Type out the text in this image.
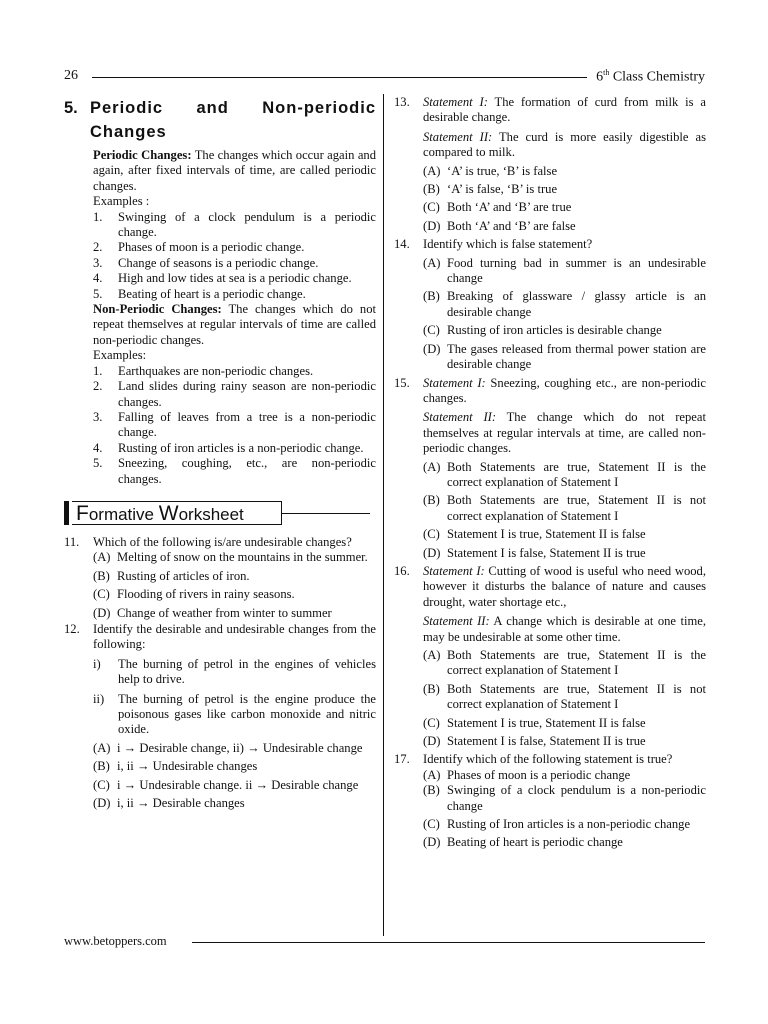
26	6th Class Chemistry
5. Periodic and Non-periodic Changes
Periodic Changes: The changes which occur again and again, after fixed intervals of time, are called periodic changes.
Examples :
1.	Swinging of a clock pendulum is a periodic change.
2.	Phases of moon is a periodic change.
3.	Change of seasons is a periodic change.
4.	High and low tides at sea is a periodic change.
5.	Beating of heart is a periodic change.
Non-Periodic Changes: The changes which do not repeat themselves at regular intervals of time are called non-periodic changes.
Examples:
1.	Earthquakes are non-periodic changes.
2.	Land slides during rainy season are non-periodic changes.
3.	Falling of leaves from a tree is a non-periodic change.
4.	Rusting of iron articles is a non-periodic change.
5.	Sneezing, coughing, etc., are non-periodic changes.
Formative Worksheet
11.	Which of the following is/are undesirable changes?
(A) Melting of snow on the mountains in the summer.
(B) Rusting of articles of iron.
(C) Flooding of rivers in rainy seasons.
(D) Change of weather from winter to summer
12.	Identify the desirable and undesirable changes from the following:
i)	The burning of petrol in the engines of vehicles help to drive.
ii)	The burning of petrol is the engine produce the poisonous gases like carbon monoxide and nitric oxide.
(A) i → Desirable change, ii) → Undesirable change
(B) i, ii → Undesirable changes
(C) i → Undesirable change. ii → Desirable change
(D) i, ii → Desirable changes
13.	Statement I: The formation of curd from milk is a desirable change.
Statement II: The curd is more easily digestible as compared to milk.
(A) ‘A’ is true, ‘B’ is false
(B) ‘A’ is false, ‘B’ is true
(C) Both ‘A’ and ‘B’ are true
(D) Both ‘A’ and ‘B’ are false
14.	Identify which is false statement?
(A) Food turning bad in summer is an undesirable change
(B) Breaking of glassware / glassy article is an desirable change
(C) Rusting of iron articles is desirable change
(D) The gases released from thermal power station are desirable change
15.	Statement I: Sneezing, coughing etc., are non-periodic changes.
Statement II: The change which do not repeat themselves at regular intervals at time, are called non-periodic changes.
(A) Both Statements are true, Statement II is the correct explanation of Statement I
(B) Both Statements are true, Statement II is not correct explanation of Statement I
(C) Statement I is true, Statement II is false
(D) Statement I is false, Statement II is true
16.	Statement I: Cutting of wood is useful who need wood, however it disturbs the balance of nature and causes drought, water shortage etc.,
Statement II: A change which is desirable at one time, may be undesirable at some other time.
(A) Both Statements are true, Statement II is the correct explanation of Statement I
(B) Both Statements are true, Statement II is not correct explanation of Statement I
(C) Statement I is true, Statement II is false
(D) Statement I is false, Statement II is true
17.	Identify which of the following statement is true?
(A) Phases of moon is a periodic change
(B) Swinging of a clock pendulum is a non-periodic change
(C) Rusting of Iron articles is a non-periodic change
(D) Beating of heart is periodic change
www.betoppers.com
